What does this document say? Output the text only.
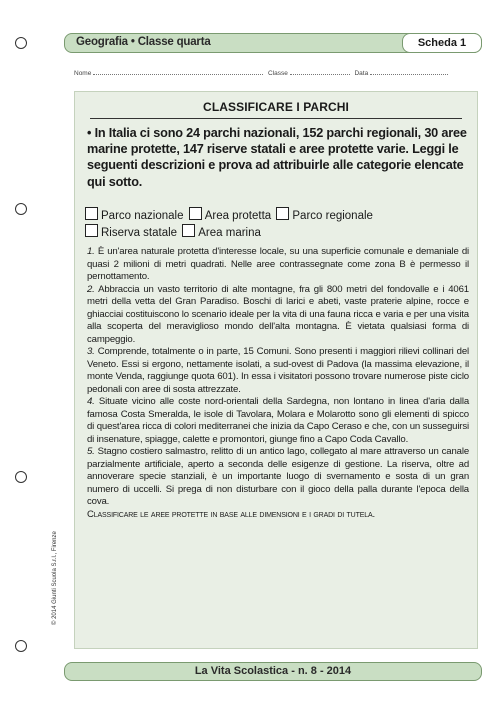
Geografia • Classe quarta	Scheda 1
Nome	Classe	Data
CLASSIFICARE I PARCHI
• In Italia ci sono 24 parchi nazionali, 152 parchi regionali, 30 aree marine protette, 147 riserve statali e aree protette varie. Leggi le seguenti descrizioni e prova ad attribuirle alle categorie elencate qui sotto.
Parco nazionale Area protetta Parco regionale
Riserva statale Area marina

1. È un'area naturale protetta d'interesse locale, su una superficie comunale e demaniale di quasi 2 milioni di metri quadrati. Nelle aree contrassegnate come zona B è permesso il pernottamento.

2. Abbraccia un vasto territorio di alte montagne, fra gli 800 metri del fondovalle e i 4061 metri della vetta del Gran Paradiso. Boschi di larici e abeti, vaste praterie alpine, rocce e ghiacciai costituiscono lo scenario ideale per la vita di una fauna ricca e varia e per una visita alla scoperta del meraviglioso mondo dell'alta montagna. È vietata qualsiasi forma di campeggio.

3. Comprende, totalmente o in parte, 15 Comuni. Sono presenti i maggiori rilievi collinari del Veneto. Essi si ergono, nettamente isolati, a sud-ovest di Padova (la massima elevazione, il monte Venda, raggiunge quota 601). In essa i visitatori possono trovare numerose piste ciclo pedonali con aree di sosta attrezzate.

4. Situate vicino alle coste nord-orientali della Sardegna, non lontano in linea d'aria dalla famosa Costa Smeralda, le isole di Tavolara, Molara e Molarotto sono gli elementi di spicco di quest'area ricca di colori mediterranei che inizia da Capo Ceraso e che, con un susseguirsi di insenature, spiagge, calette e promontori, giunge fino a Capo Coda Cavallo.

5. Stagno costiero salmastro, relitto di un antico lago, collegato al mare attraverso un canale parzialmente artificiale, aperto a seconda delle esigenze di gestione. La riserva, oltre ad annoverare specie stanziali, è un importante luogo di svernamento e sosta di un gran numero di uccelli. Si prega di non disturbare con il gioco della palla durante l'epoca della cova.

Classificare le aree protette in base alle dimensioni e i gradi di tutela.

© 2014 Giunti Scuola S.r.l., Firenze
La Vita Scolastica - n. 8 - 2014
